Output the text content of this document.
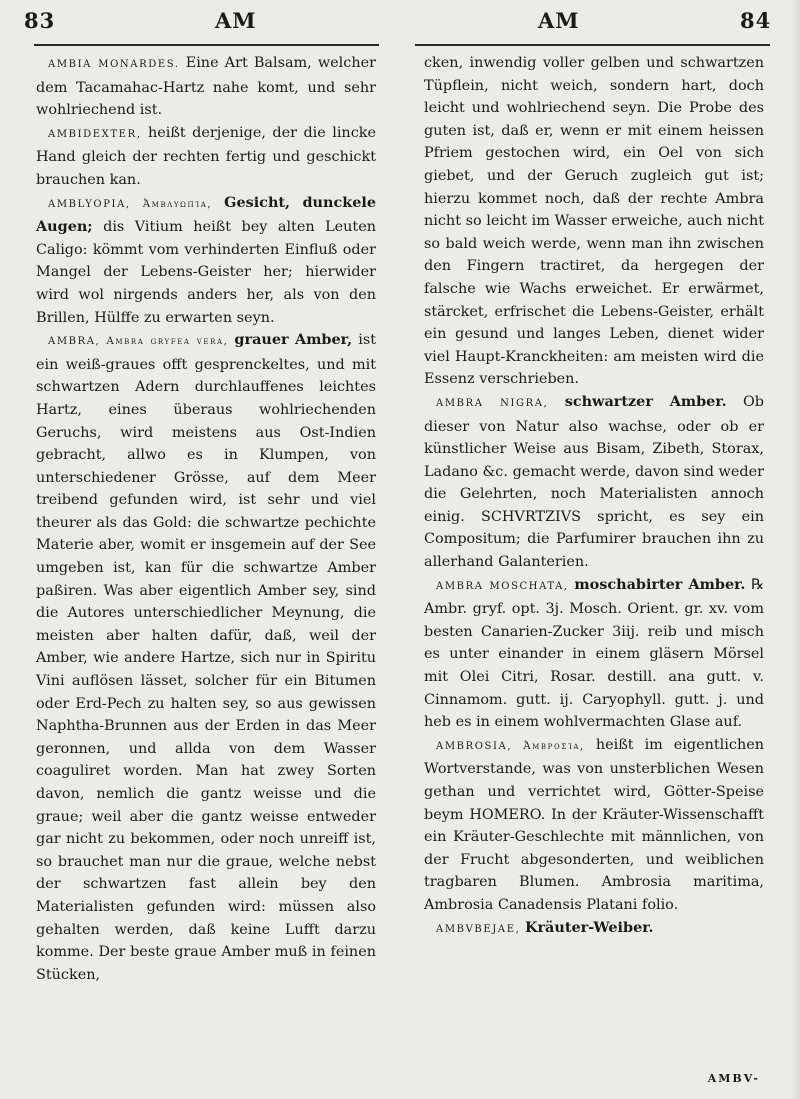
83	AM	AM	84

AMBIA MONARDES. Eine Art Balsam, welcher dem Tacamahac-Hartz nahe komt, und sehr wohlriechend ist.

AMBIDEXTER, heißt derjenige, der die lincke Hand gleich der rechten fertig und geschickt brauchen kan.

AMBLYOPIA, Ἀμβλυωπία, Gesicht, dunckele Augen; dis Vitium heißt bey alten Leuten Caligo: kömmt vom verhinderten Einfluß oder Mangel der Lebens-Geister her; hierwider wird wol nirgends anders her, als von den Brillen, Hülffe zu erwarten seyn.

AMBRA, Ambra gryfea vera, grauer Amber, ist ein weiß-graues offt gesprenckeltes, und mit schwartzen Adern durchlauffenes leichtes Hartz, eines überaus wohlriechenden Geruchs, wird meistens aus Ost-Indien gebracht, allwo es in Klumpen, von unterschiedener Grösse, auf dem Meer treibend gefunden wird, ist sehr und viel theurer als das Gold: die schwartze pechichte Materie aber, womit er insgemein auf der See umgeben ist, kan für die schwartze Amber paßiren. Was aber eigentlich Amber sey, sind die Autores unterschiedlicher Meynung, die meisten aber halten dafür, daß, weil der Amber, wie andere Hartze, sich nur in Spiritu Vini auflösen lässet, solcher für ein Bitumen oder Erd-Pech zu halten sey, so aus gewissen Naphtha-Brunnen aus der Erden in das Meer geronnen, und allda von dem Wasser coaguliret worden. Man hat zwey Sorten davon, nemlich die gantz weisse und die graue; weil aber die gantz weisse entweder gar nicht zu bekommen, oder noch unreiff ist, so brauchet man nur die graue, welche nebst der schwartzen fast allein bey den Materialisten gefunden wird: müssen also gehalten werden, daß keine Lufft darzu komme. Der beste graue Amber muß in feinen Stücken,

cken, inwendig voller gelben und schwartzen Tüpflein, nicht weich, sondern hart, doch leicht und wohlriechend seyn. Die Probe des guten ist, daß er, wenn er mit einem heissen Pfriem gestochen wird, ein Oel von sich giebet, und der Geruch zugleich gut ist; hierzu kommet noch, daß der rechte Ambra nicht so leicht im Wasser erweiche, auch nicht so bald weich werde, wenn man ihn zwischen den Fingern tractiret, da hergegen der falsche wie Wachs erweichet. Er erwärmet, stärcket, erfrischet die Lebens-Geister, erhält ein gesund und langes Leben, dienet wider viel Haupt-Kranckheiten: am meisten wird die Essenz verschrieben.

AMBRA NIGRA, schwartzer Amber. Ob dieser von Natur also wachse, oder ob er künstlicher Weise aus Bisam, Zibeth, Storax, Ladano &c. gemacht werde, davon sind weder die Gelehrten, noch Materialisten annoch einig. SCHVRTZIVS spricht, es sey ein Compositum; die Parfumirer brauchen ihn zu allerhand Galanterien.

AMBRA MOSCHATA, moschabirter Amber. ℞ Ambr. gryf. opt. 3j. Mosch. Orient. gr. xv. vom besten Canarien-Zucker 3iij. reib und misch es unter einander in einem gläsern Mörsel mit Olei Citri, Rosar. destill. ana gutt. v. Cinnamom. gutt. ij. Caryophyll. gutt. j. und heb es in einem wohlvermachten Glase auf.

AMBROSIA, Ἀμβροσία, heißt im eigentlichen Wortverstande, was von unsterblichen Wesen gethan und verrichtet wird, Götter-Speise beym HOMERO. In der Kräuter-Wissenschafft ein Kräuter-Geschlechte mit männlichen, von der Frucht abgesonderten, und weiblichen tragbaren Blumen. Ambrosia maritima, Ambrosia Canadensis Platani folio.

AMBVBEJAE, Kräuter-Weiber.

AMBV-
